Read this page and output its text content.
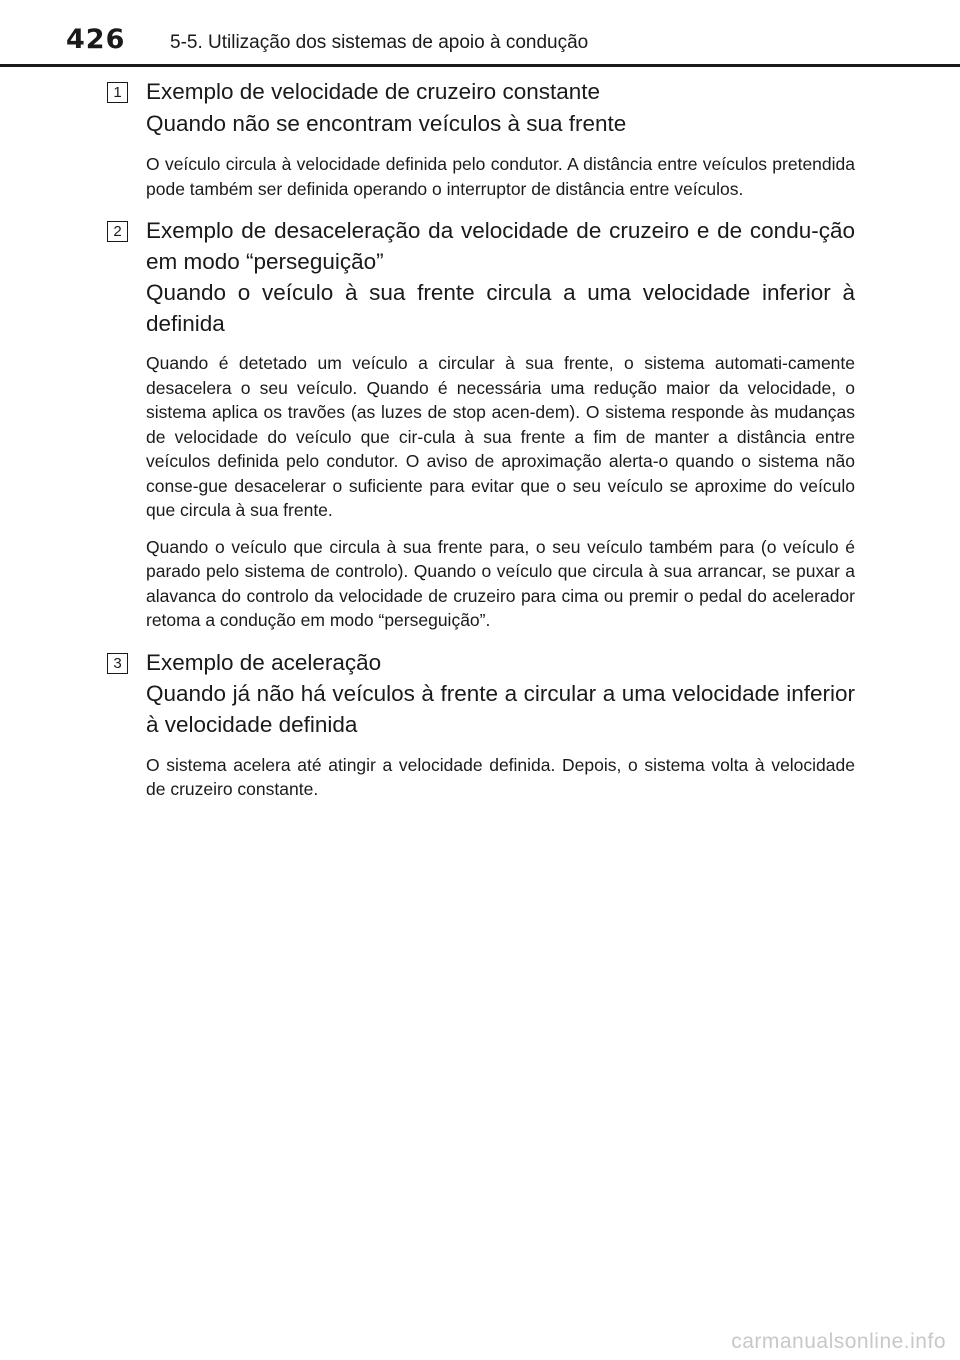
426 5-5. Utilização dos sistemas de apoio à condução
1 Exemplo de velocidade de cruzeiro constante

Quando não se encontram veículos à sua frente

O veículo circula à velocidade definida pelo condutor. A distância entre veículos pretendida pode também ser definida operando o interruptor de distância entre veículos.

2 Exemplo de desaceleração da velocidade de cruzeiro e de condu-ção em modo “perseguição”

Quando o veículo à sua frente circula a uma velocidade inferior à definida

Quando é detetado um veículo a circular à sua frente, o sistema automati-camente desacelera o seu veículo. Quando é necessária uma redução maior da velocidade, o sistema aplica os travões (as luzes de stop acen-dem). O sistema responde às mudanças de velocidade do veículo que cir-cula à sua frente a fim de manter a distância entre veículos definida pelo condutor. O aviso de aproximação alerta-o quando o sistema não conse-gue desacelerar o suficiente para evitar que o seu veículo se aproxime do veículo que circula à sua frente.

Quando o veículo que circula à sua frente para, o seu veículo também para (o veículo é parado pelo sistema de controlo). Quando o veículo que circula à sua arrancar, se puxar a alavanca do controlo da velocidade de cruzeiro para cima ou premir o pedal do acelerador retoma a condução em modo “perseguição”.

3 Exemplo de aceleração

Quando já não há veículos à frente a circular a uma velocidade inferior à velocidade definida

O sistema acelera até atingir a velocidade definida. Depois, o sistema volta à velocidade de cruzeiro constante.

carmanualsonline.info
